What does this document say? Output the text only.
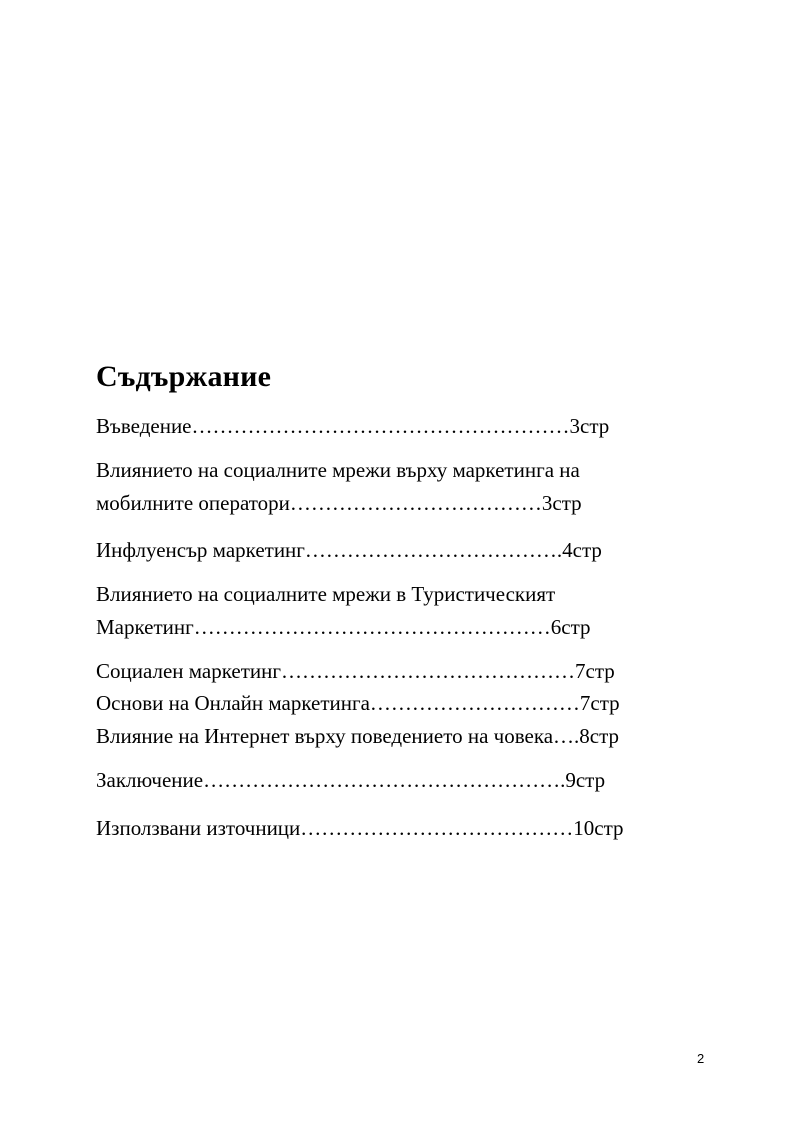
Съдържание
Въведение………………………………………………3стр
Влиянието на социалните мрежи върху маркетинга на
мобилните оператори………………………………3стр
Инфлуенсър маркетинг……………………………….4стр
Влиянието на социалните мрежи в Туристическият
Маркетинг……………………………………………6стр
Социален маркетинг……………………………………7стр
Основи на Онлайн маркетинга…………………………7стр
Влияние на Интернет върху поведението на човека….8стр
Заключение…………………………………………….9стр
Използвани източници…………………………………10стр
2
